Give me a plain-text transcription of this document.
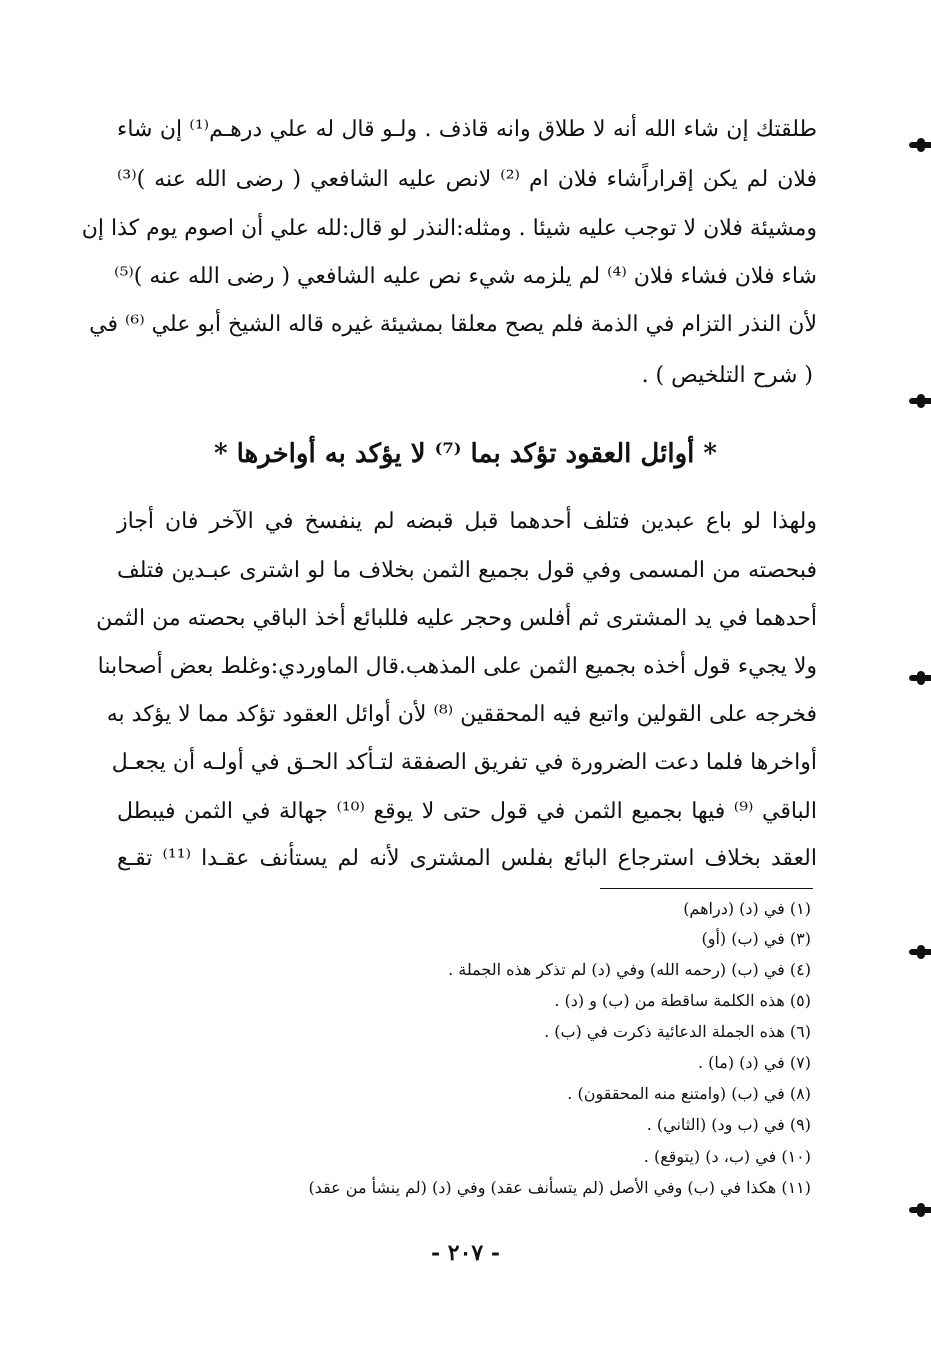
طلقتك إن شاء الله أنه لا طلاق وانه قاذف . ولـو قال له علي درهـم⁽¹⁾ إن شاء
فلان لم يكن إقراراًشاء فلان ام ⁽²⁾ لانص عليه الشافعي ( رضى الله عنه )⁽³⁾
ومشيئة فلان لا توجب عليه شيئا . ومثله:النذر لو قال:لله علي أن اصوم يوم كذا إن
شاء فلان فشاء فلان ⁽⁴⁾ لم يلزمه شيء نص عليه الشافعي ( رضى الله عنه )⁽⁵⁾
لأن النذر التزام في الذمة فلم يصح معلقا بمشيئة غيره قاله الشيخ أبو علي ⁽⁶⁾ في
( شرح التلخيص ) .
* أوائل العقود تؤكد بما ⁽⁷⁾ لا يؤكد به أواخرها *
ولهذا لو باع عبدين فتلف أحدهما قبل قبضه لم ينفسخ في الآخر فان أجاز
فبحصته من المسمى وفي قول بجميع الثمن بخلاف ما لو اشترى عبـدين فتلف
أحدهما في يد المشترى ثم أفلس وحجر عليه فللبائع أخذ الباقي بحصته من الثمن
ولا يجيء قول أخذه بجميع الثمن على المذهب.قال الماوردي:وغلط بعض أصحابنا
فخرجه على القولين واتبع فيه المحققين ⁽⁸⁾ لأن أوائل العقود تؤكد مما لا يؤكد به
أواخرها فلما دعت الضرورة في تفريق الصفقة لتـأكد الحـق في أولـه أن يجعـل
الباقي ⁽⁹⁾ فيها بجميع الثمن في قول حتى لا يوقع ⁽¹⁰⁾ جهالة في الثمن فيبطل
العقد بخلاف استرجاع البائع بفلس المشترى لأنه لم يستأنف عقـدا ⁽¹¹⁾ تقـع
(١) في (د) (دراهم)
(٣) في (ب) (أو)
(٤) في (ب) (رحمه الله) وفي (د) لم تذكر هذه الجملة .
(٥) هذه الكلمة ساقطة من (ب) و (د) .
(٦) هذه الجملة الدعائية ذكرت في (ب) .
(٧) في (د) (ما) .
(٨) في (ب) (وامتنع منه المحققون) .
(٩) في (ب ود) (الثاني) .
(١٠) في (ب، د) (يتوقع) .
(١١) هكذا في (ب) وفي الأصل (لم يتسأنف عقد) وفي (د) (لم ينشأ من عقد)
- ٢٠٧ -
